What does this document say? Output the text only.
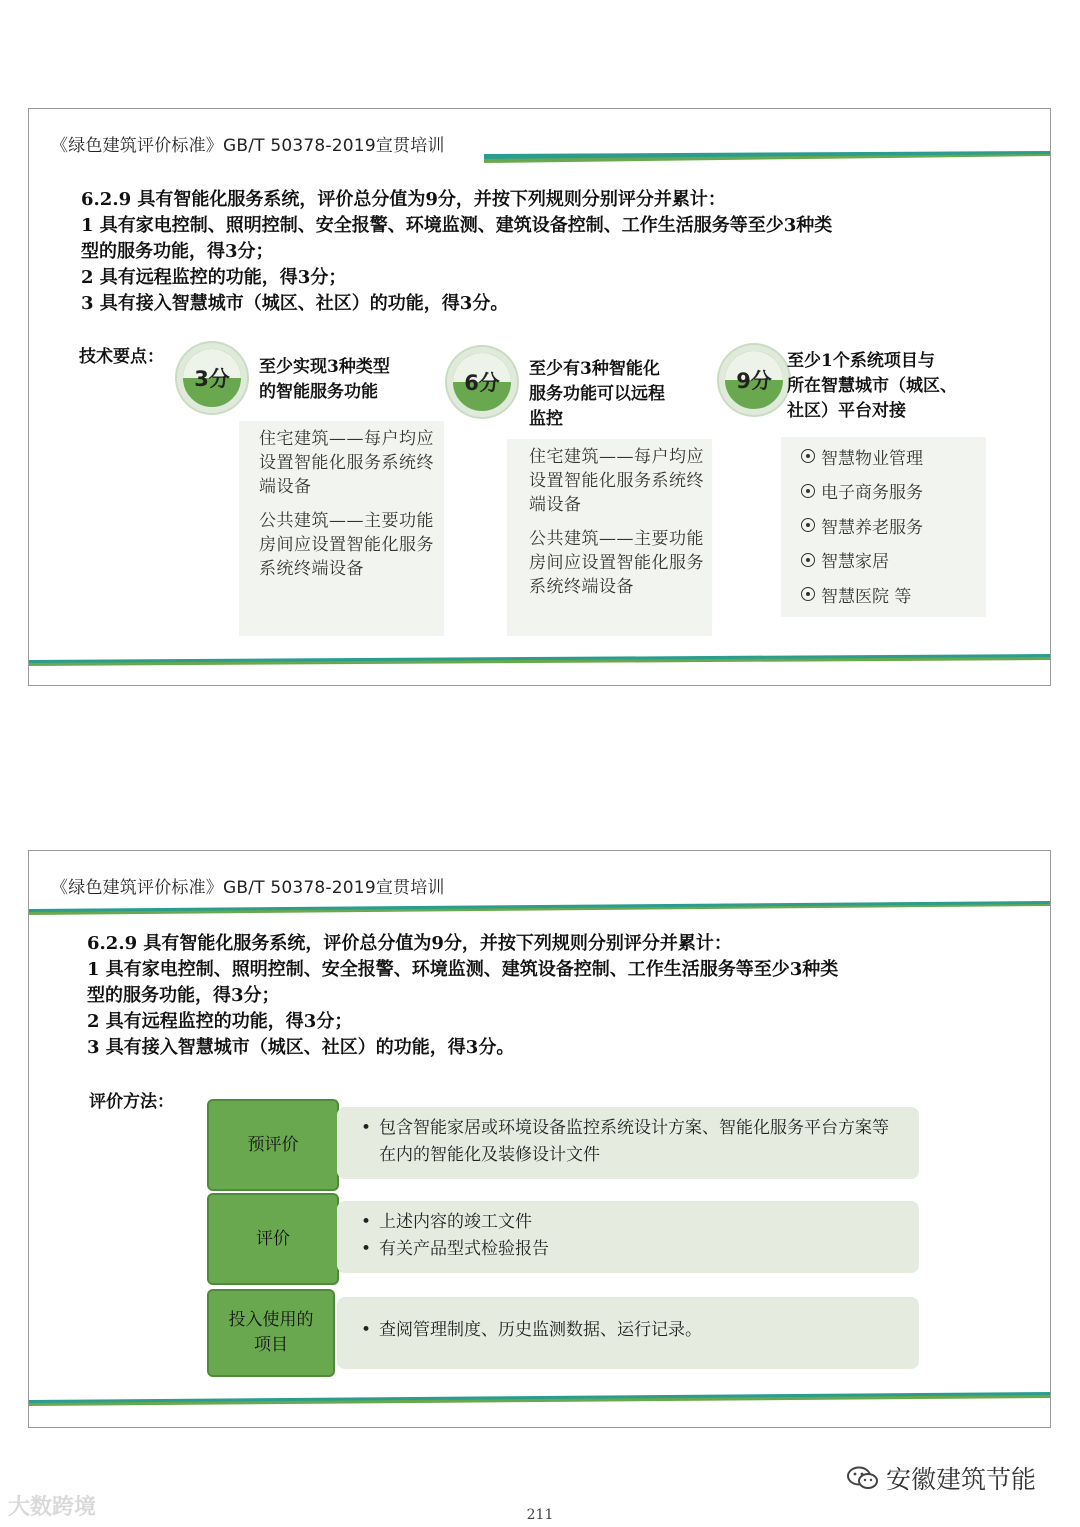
《绿色建筑评价标准》GB/T 50378-2019宣贯培训

6.2.9 具有智能化服务系统，评价总分值为9分，并按下列规则分别评分并累计：

1 具有家电控制、照明控制、安全报警、环境监测、建筑设备控制、工作生活服务等至少3种类

型的服务功能，得3分；

2 具有远程监控的功能，得3分；

3 具有接入智慧城市（城区、社区）的功能，得3分。

技术要点：
3分 至少实现3种类型
的智能服务功能

住宅建筑——每户均应设置智能化服务系统终端设备

公共建筑——主要功能房间应设置智能化服务系统终端设备

6分
至少有3种智能化
服务功能可以远程
监控

住宅建筑——每户均应设置智能化服务系统终端设备

公共建筑——主要功能房间应设置智能化服务系统终端设备

9分
至少1个系统项目与
所在智慧城市（城区、
社区）平台对接
智慧物业管理
电子商务服务
智慧养老服务
智慧家居
智慧医院 等
《绿色建筑评价标准》GB/T 50378-2019宣贯培训

6.2.9 具有智能化服务系统，评价总分值为9分，并按下列规则分别评分并累计：

1 具有家电控制、照明控制、安全报警、环境监测、建筑设备控制、工作生活服务等至少3种类

型的服务功能，得3分；

2 具有远程监控的功能，得3分；

3 具有接入智慧城市（城区、社区）的功能，得3分。

评价方法：
预评价
• 包含智能家居或环境设备监控系统设计方案、智能化服务平台方案等在内的智能化及装修设计文件
评价
• 上述内容的竣工文件
• 有关产品型式检验报告
投入使用的项目
• 查阅管理制度、历史监测数据、运行记录。
大数跨境
安徽建筑节能
211
